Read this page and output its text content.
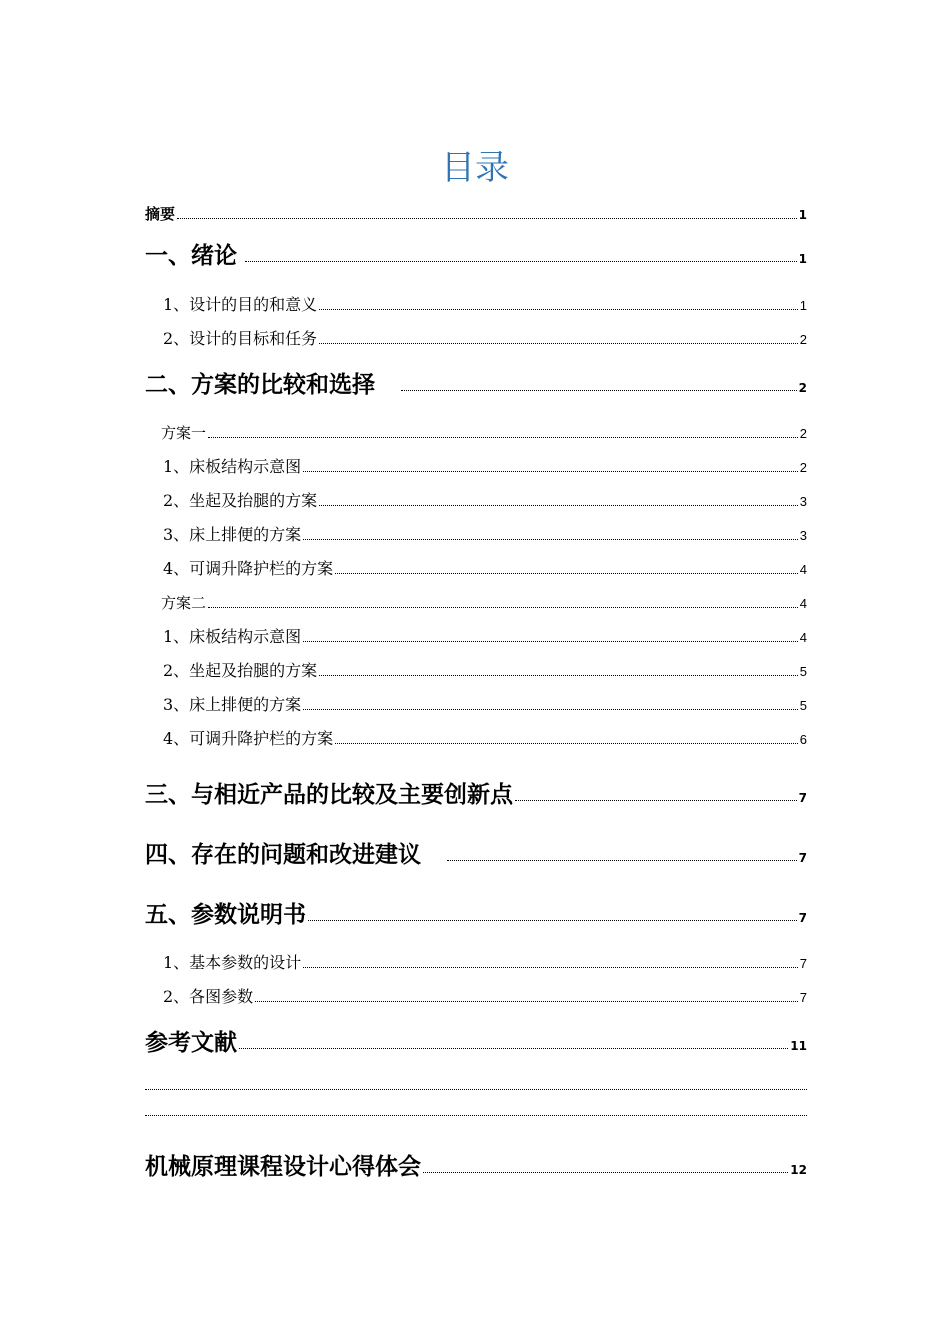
目录
摘要	1
一、绪论	1
1、设计的目的和意义	1
2、设计的目标和任务	2
二、方案的比较和选择	2
方案一	2
1、床板结构示意图	2
2、坐起及抬腿的方案	3
3、床上排便的方案	3
4、可调升降护栏的方案	4
方案二	4
1、床板结构示意图	4
2、坐起及抬腿的方案	5
3、床上排便的方案	5
4、可调升降护栏的方案	6
三、与相近产品的比较及主要创新点	7
四、存在的问题和改进建议	7
五、参数说明书	7
1、基本参数的设计	7
2、各图参数	7
参考文献	11
机械原理课程设计心得体会	12
